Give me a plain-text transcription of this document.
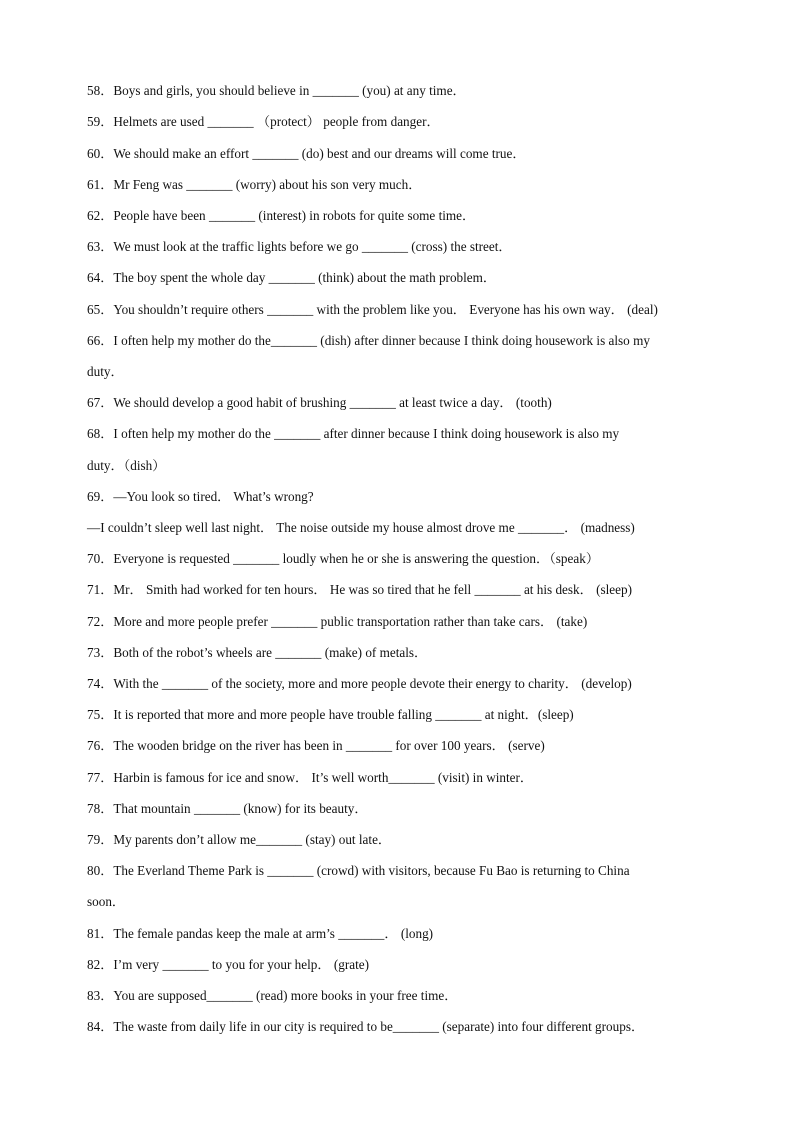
58．Boys and girls, you should believe in _______ (you) at any time．
59．Helmets are used _______ （protect） people from danger．
60．We should make an effort _______ (do) best and our dreams will come true．
61．Mr Feng was _______ (worry) about his son very much．
62．People have been _______ (interest) in robots for quite some time．
63．We must look at the traffic lights before we go _______ (cross) the street．
64．The boy spent the whole day _______ (think) about the math problem．
65．You shouldn’t require others _______ with the problem like you． Everyone has his own way． (deal)
66．I often help my mother do the_______ (dish) after dinner because I think doing housework is also my
duty．
67．We should develop a good habit of brushing _______ at least twice a day． (tooth)
68．I often help my mother do the _______ after dinner because I think doing housework is also my
duty．（dish）
69．—You look so tired． What’s wrong?
—I couldn’t sleep well last night． The noise outside my house almost drove me _______． (madness)
70．Everyone is requested _______ loudly when he or she is answering the question．（speak）
71．Mr． Smith had worked for ten hours． He was so tired that he fell _______ at his desk． (sleep)
72．More and more people prefer _______ public transportation rather than take cars． (take)
73．Both of the robot’s wheels are _______ (make) of metals．
74．With the _______ of the society, more and more people devote their energy to charity． (develop)
75．It is reported that more and more people have trouble falling _______ at night．(sleep)
76．The wooden bridge on the river has been in _______ for over 100 years． (serve)
77．Harbin is famous for ice and snow． It’s well worth_______ (visit) in winter．
78．That mountain _______ (know) for its beauty．
79．My parents don’t allow me_______ (stay) out late．
80．The Everland Theme Park is _______ (crowd) with visitors, because Fu Bao is returning to China
soon．
81．The female pandas keep the male at arm’s _______． (long)
82．I’m very _______ to you for your help． (grate)
83．You are supposed_______ (read) more books in your free time．
84．The waste from daily life in our city is required to be_______ (separate) into four different groups．
